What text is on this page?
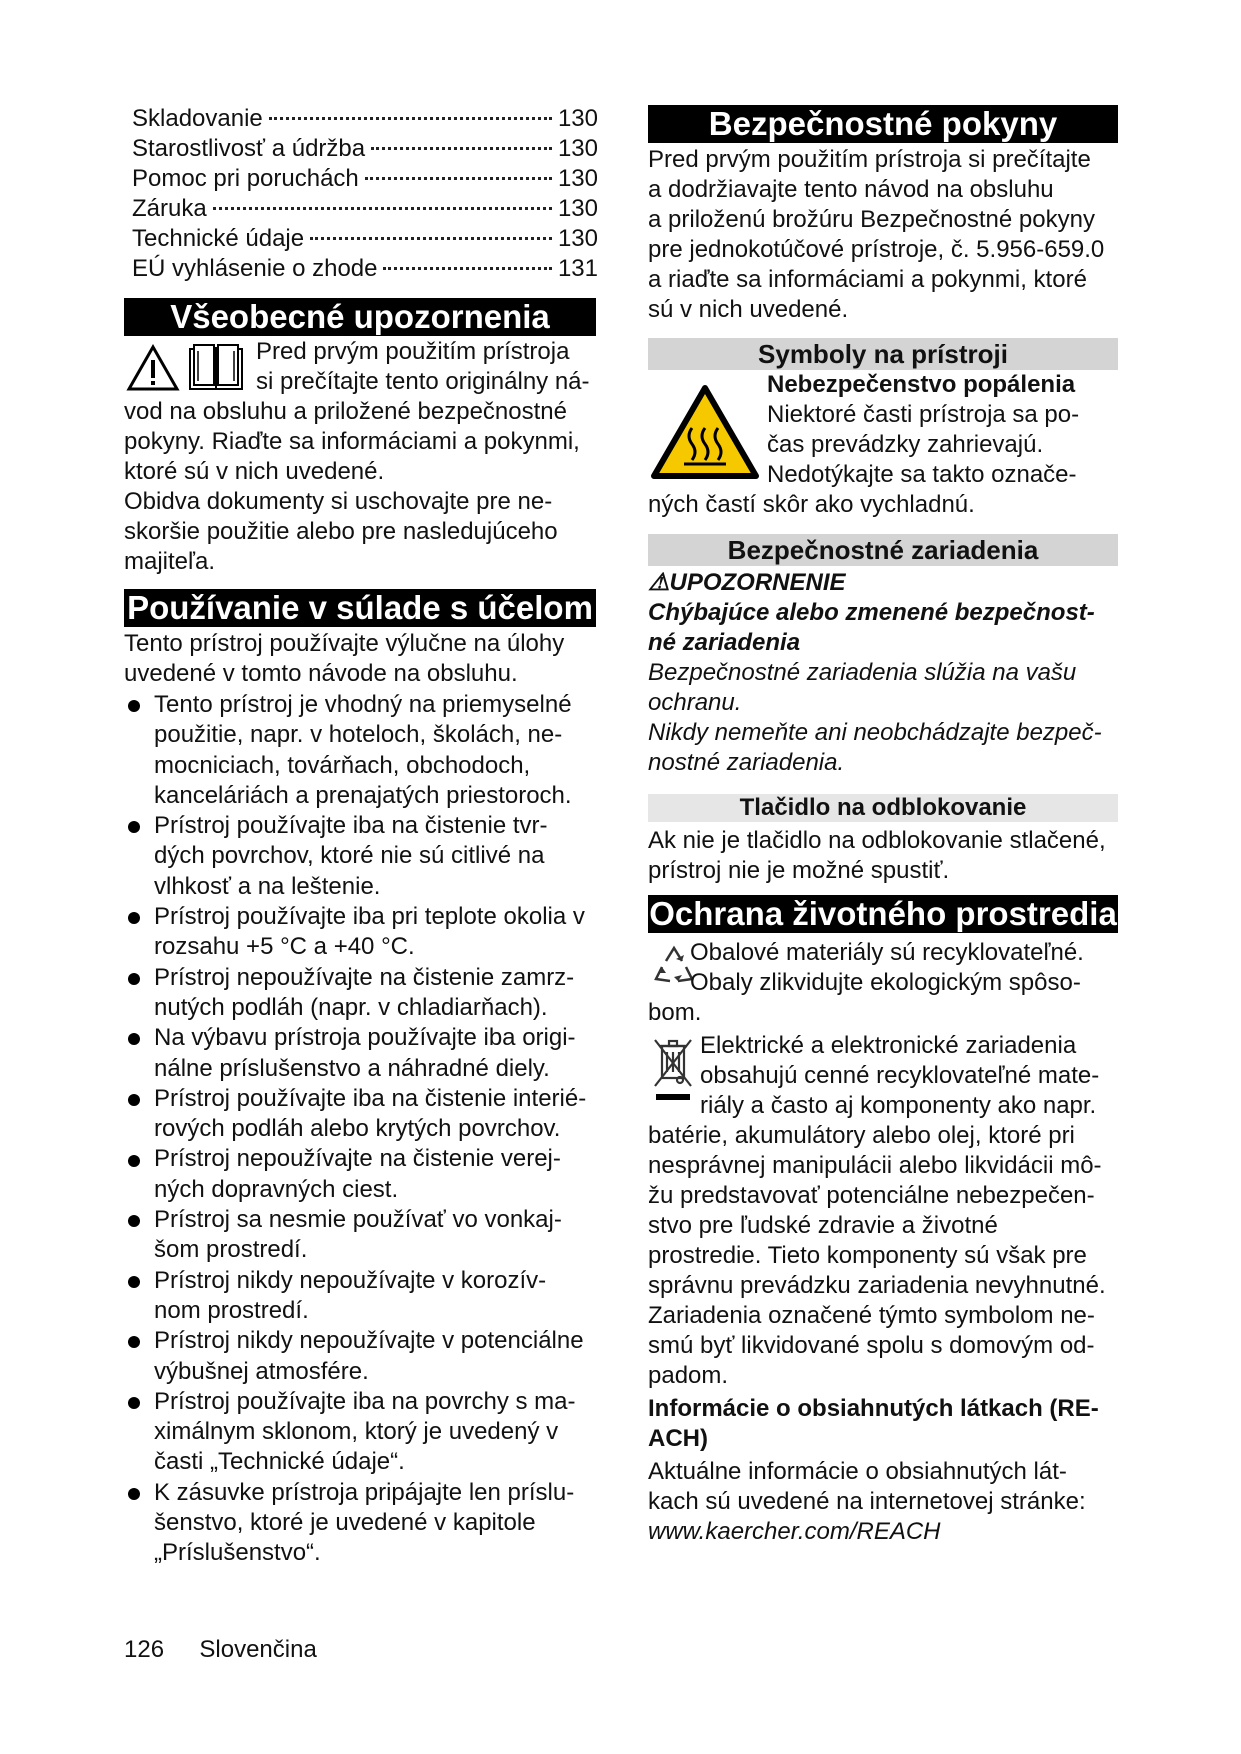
Skladovanie	130
Starostlivosť a údržba	130
Pomoc pri poruchách	130
Záruka	130
Technické údaje	130
EÚ vyhlásenie o zhode	131
Všeobecné upozornenia
Pred prvým použitím prístroja
si prečítajte tento originálny ná-
vod na obsluhu a priložené bezpečnostné
pokyny. Riaďte sa informáciami a pokynmi,
ktoré sú v nich uvedené.
Obidva dokumenty si uschovajte pre ne-
skoršie použitie alebo pre nasledujúceho
majiteľa.
Používanie v súlade s účelom
Tento prístroj používajte výlučne na úlohy
uvedené v tomto návode na obsluhu.
Tento prístroj je vhodný na priemyselné
použitie, napr. v hoteloch, školách, ne-
mocniciach, továrňach, obchodoch,
kanceláriách a prenajatých priestoroch.
Prístroj používajte iba na čistenie tvr-
dých povrchov, ktoré nie sú citlivé na
vlhkosť a na leštenie.
Prístroj používajte iba pri teplote okolia v
rozsahu +5 °C a +40 °C.
Prístroj nepoužívajte na čistenie zamrz-
nutých podláh (napr. v chladiarňach).
Na výbavu prístroja používajte iba origi-
nálne príslušenstvo a náhradné diely.
Prístroj používajte iba na čistenie interié-
rových podláh alebo krytých povrchov.
Prístroj nepoužívajte na čistenie verej-
ných dopravných ciest.
Prístroj sa nesmie používať vo vonkaj-
šom prostredí.
Prístroj nikdy nepoužívajte v korozív-
nom prostredí.
Prístroj nikdy nepoužívajte v potenciálne
výbušnej atmosfére.
Prístroj používajte iba na povrchy s ma-
ximálnym sklonom, ktorý je uvedený v
časti „Technické údaje“.
K zásuvke prístroja pripájajte len príslu-
šenstvo, ktoré je uvedené v kapitole
„Príslušenstvo“.
Bezpečnostné pokyny
Pred prvým použitím prístroja si prečítajte
a dodržiavajte tento návod na obsluhu
a priloženú brožúru Bezpečnostné pokyny
pre jednokotúčové prístroje, č. 5.956-659.0
a riaďte sa informáciami a pokynmi, ktoré
sú v nich uvedené.
Symboly na prístroji
Nebezpečenstvo popálenia
Niektoré časti prístroja sa po-
čas prevádzky zahrievajú.
Nedotýkajte sa takto označe-
ných častí skôr ako vychladnú.
Bezpečnostné zariadenia
⚠UPOZORNENIE
Chýbajúce alebo zmenené bezpečnost-
né zariadenia
Bezpečnostné zariadenia slúžia na vašu
ochranu.
Nikdy nemeňte ani neobchádzajte bezpeč-
nostné zariadenia.
Tlačidlo na odblokovanie
Ak nie je tlačidlo na odblokovanie stlačené,
prístroj nie je možné spustiť.
Ochrana životného prostredia
Obalové materiály sú recyklovateľné.
Obaly zlikvidujte ekologickým spôso-
bom.
Elektrické a elektronické zariadenia
obsahujú cenné recyklovateľné mate-
riály a často aj komponenty ako napr.
batérie, akumulátory alebo olej, ktoré pri
nesprávnej manipulácii alebo likvidácii mô-
žu predstavovať potenciálne nebezpečen-
stvo pre ľudské zdravie a životné
prostredie. Tieto komponenty sú však pre
správnu prevádzku zariadenia nevyhnutné.
Zariadenia označené týmto symbolom ne-
smú byť likvidované spolu s domovým od-
padom.
Informácie o obsiahnutých látkach (RE-
ACH)
Aktuálne informácie o obsiahnutých lát-
kach sú uvedené na internetovej stránke:
www.kaercher.com/REACH
126 Slovenčina
